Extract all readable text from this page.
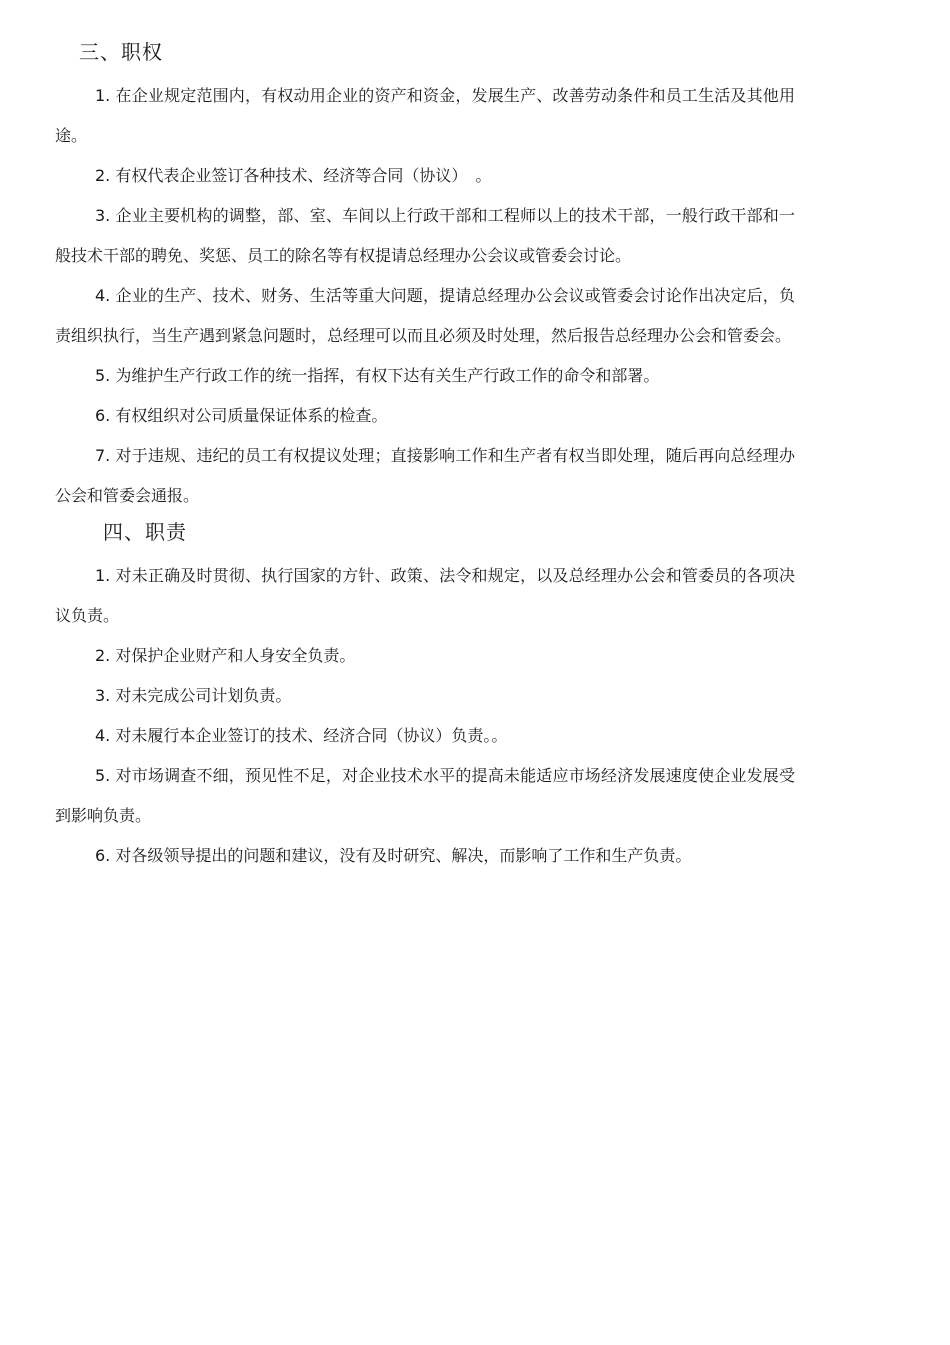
三、职权

1. 在企业规定范围内，有权动用企业的资产和资金，发展生产、改善劳动条件和员工生活及其他用途。

2. 有权代表企业签订各种技术、经济等合同（协议）　。

3. 企业主要机构的调整，部、室、车间以上行政干部和工程师以上的技术干部，一般行政干部和一般技术干部的聘免、奖惩、员工的除名等有权提请总经理办公会议或管委会讨论。

4. 企业的生产、技术、财务、生活等重大问题，提请总经理办公会议或管委会讨论作出决定后，负责组织执行，当生产遇到紧急问题时，总经理可以而且必须及时处理，然后报告总经理办公会和管委会。

5. 为维护生产行政工作的统一指挥，有权下达有关生产行政工作的命令和部署。

6. 有权组织对公司质量保证体系的检查。

7. 对于违规、违纪的员工有权提议处理；直接影响工作和生产者有权当即处理，随后再向总经理办公会和管委会通报。

四、职责

1. 对未正确及时贯彻、执行国家的方针、政策、法令和规定，以及总经理办公会和管委员的各项决议负责。

2. 对保护企业财产和人身安全负责。

3. 对未完成公司计划负责。

4. 对未履行本企业签订的技术、经济合同（协议）负责。。

5. 对市场调查不细，预见性不足，对企业技术水平的提高未能适应市场经济发展速度使企业发展受到影响负责。

6. 对各级领导提出的问题和建议，没有及时研究、解决，而影响了工作和生产负责。
